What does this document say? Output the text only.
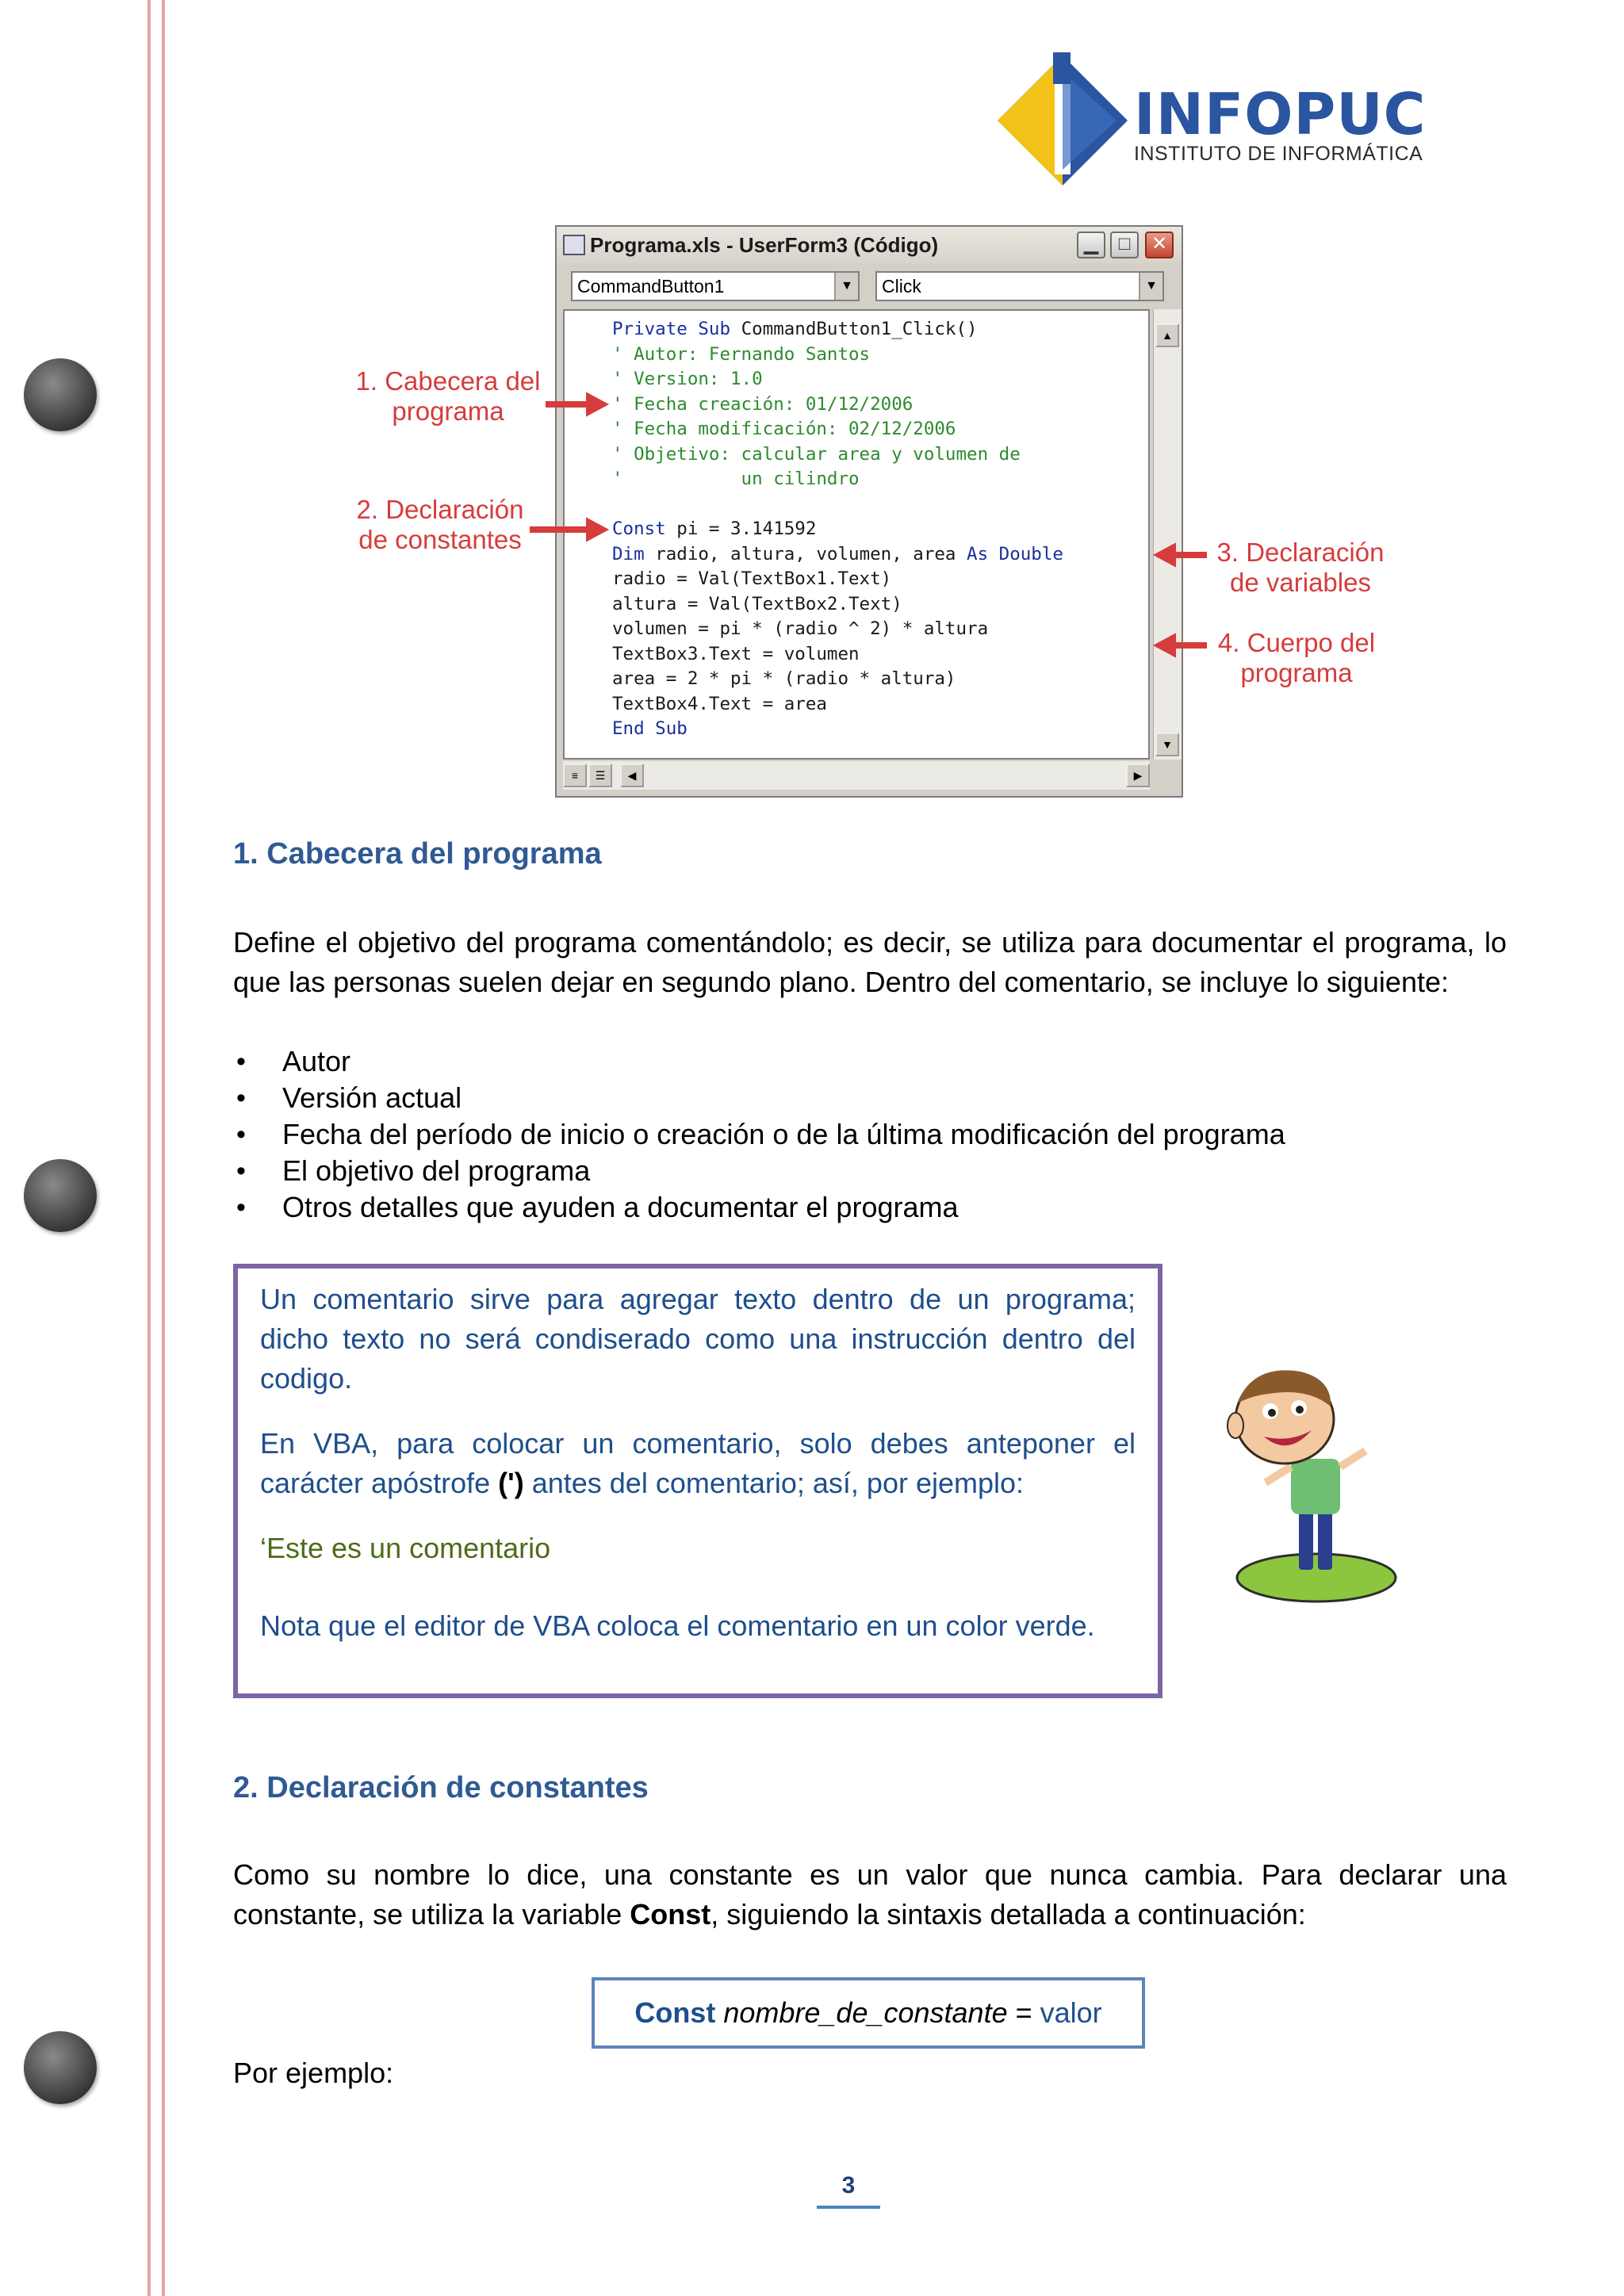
INFOPUC
INSTITUTO DE INFORMÁTICA
Programa.xls - UserForm3 (Código)	▁	□	✕
CommandButton1	▼	Click	▼
Private Sub CommandButton1_Click()
' Autor: Fernando Santos
' Version: 1.0
' Fecha creación: 01/12/2006
' Fecha modificación: 02/12/2006
' Objetivo: calcular area y volumen de
'           un cilindro
Const pi = 3.141592
Dim radio, altura, volumen, area As Double
radio = Val(TextBox1.Text)
altura = Val(TextBox2.Text)
volumen = pi * (radio ^ 2) * altura
TextBox3.Text = volumen
area = 2 * pi * (radio * altura)
TextBox4.Text = area
End Sub
▲
▼
≡	☰	◀	▶
1. Cabecera del
programa
2. Declaración
de constantes	3. Declaración
de variables
4. Cuerpo del
programa
1. Cabecera del programa
Define el objetivo del programa comentándolo; es decir, se utiliza para documentar el programa, lo que las personas suelen dejar en segundo plano. Dentro del comentario, se incluye lo siguiente:
• Autor
• Versión actual
• Fecha del período de inicio o creación o de la última modificación del programa
• El objetivo del programa
• Otros detalles que ayuden a documentar el programa

Un comentario sirve para agregar texto dentro de un programa; dicho texto no será condiserado como una instrucción dentro del codigo.

En VBA, para colocar un comentario, solo debes anteponer el carácter apóstrofe (') antes del comentario; así, por ejemplo:

‘Este es un comentario

Nota que el editor de VBA coloca el comentario en un color verde.

2. Declaración de constantes
Como su nombre lo dice, una constante es un valor que nunca cambia. Para declarar una constante, se utiliza la variable Const, siguiendo la sintaxis detallada a continuación:
Const nombre_de_constante = valor
Por ejemplo:
3
